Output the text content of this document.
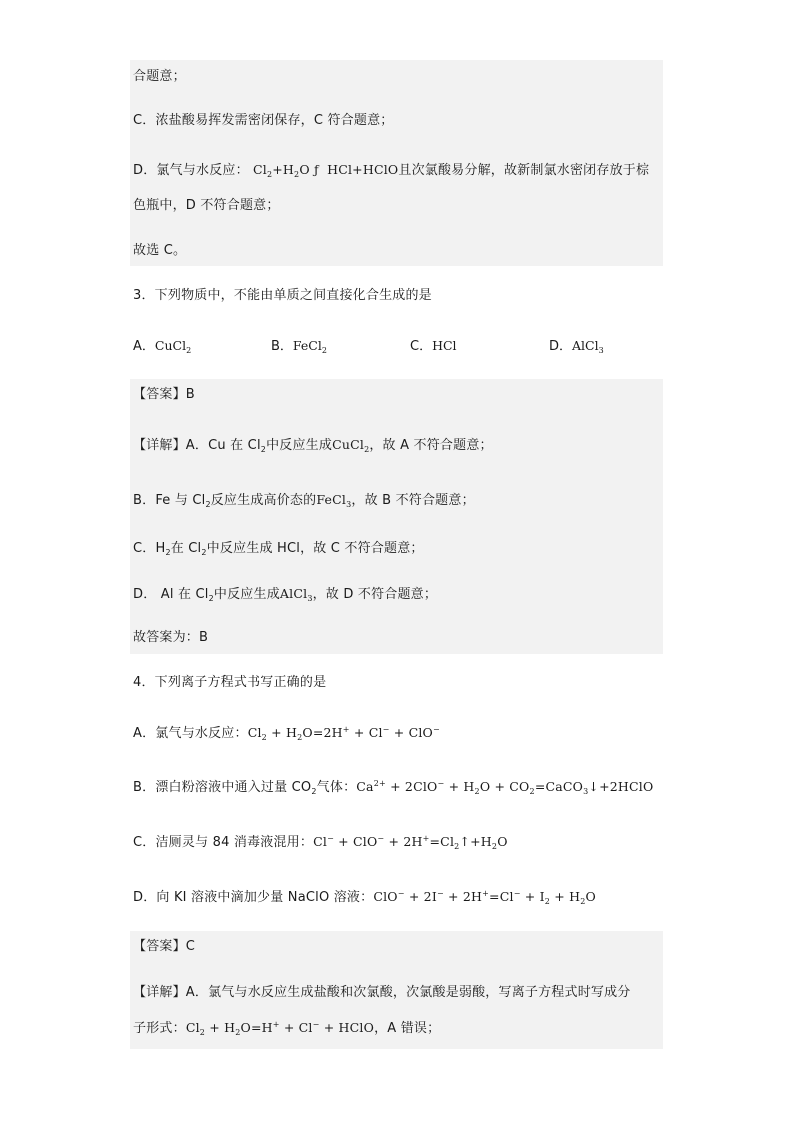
合题意；
C．浓盐酸易挥发需密闭保存，C 符合题意；
D．氯气与水反应： $Cl_2+H_2O$ ƒ  HCl+HClO且次氯酸易分解，故新制氯水密闭存放于棕
色瓶中，D 不符合题意；
故选 C。
3．下列物质中，不能由单质之间直接化合生成的是
A．CuCl$_2$	B．FeCl$_2$	C．HCl	D．AlCl$_3$
【答案】B
【详解】A．Cu 在 $Cl_2$中反应生成CuCl$_2$，故 A 不符合题意；
B．Fe 与 $Cl_2$反应生成高价态的FeCl$_3$，故 B 不符合题意；
C．$H_2$在 $Cl_2$中反应生成 HCl，故 C 不符合题意；
D． Al 在 $Cl_2$中反应生成AlCl$_3$，故 D 不符合题意；
故答案为：B
4．下列离子方程式书写正确的是
A．氯气与水反应：$Cl_2 + H_2O=2H^+ + Cl^- + ClO^-$
B．漂白粉溶液中通入过量 $CO_2$气体：$Ca^{2+} + 2ClO^- + H_2O$ + $CO_2=CaCO_3↓+2HClO$
C．洁厕灵与 84 消毒液混用：$Cl^- + ClO^- + 2H^+=Cl_2↑+H_2O$
D．向 KI 溶液中滴加少量 NaClO 溶液：$ClO^- + 2I^- + 2H^+=Cl^- + I_2 + H_2O$
【答案】C
【详解】A．氯气与水反应生成盐酸和次氯酸，次氯酸是弱酸，写离子方程式时写成分
子形式：$Cl_2 + H_2O=H^+ + Cl^-$ + HClO，A 错误；
